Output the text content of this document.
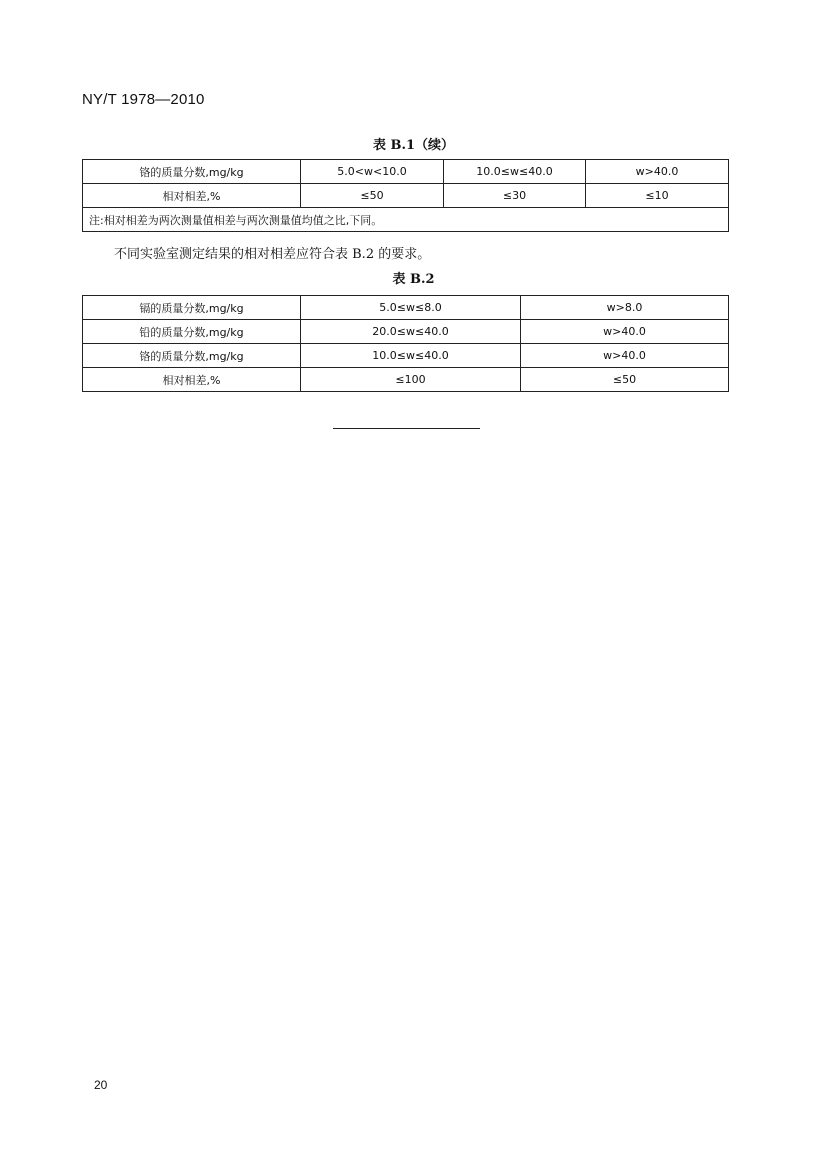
NY/T 1978—2010
表 B.1（续）
铬的质量分数,mg/kg	5.0<w<10.0	10.0≤w≤40.0	w>40.0
相对相差,%	≤50	≤30	≤10
注:相对相差为两次测量值相差与两次测量值均值之比,下同。			
不同实验室测定结果的相对相差应符合表 B.2 的要求。
表 B.2
镉的质量分数,mg/kg	5.0≤w≤8.0	w>8.0
铅的质量分数,mg/kg	20.0≤w≤40.0	w>40.0
铬的质量分数,mg/kg	10.0≤w≤40.0	w>40.0
相对相差,%	≤100	≤50
20
